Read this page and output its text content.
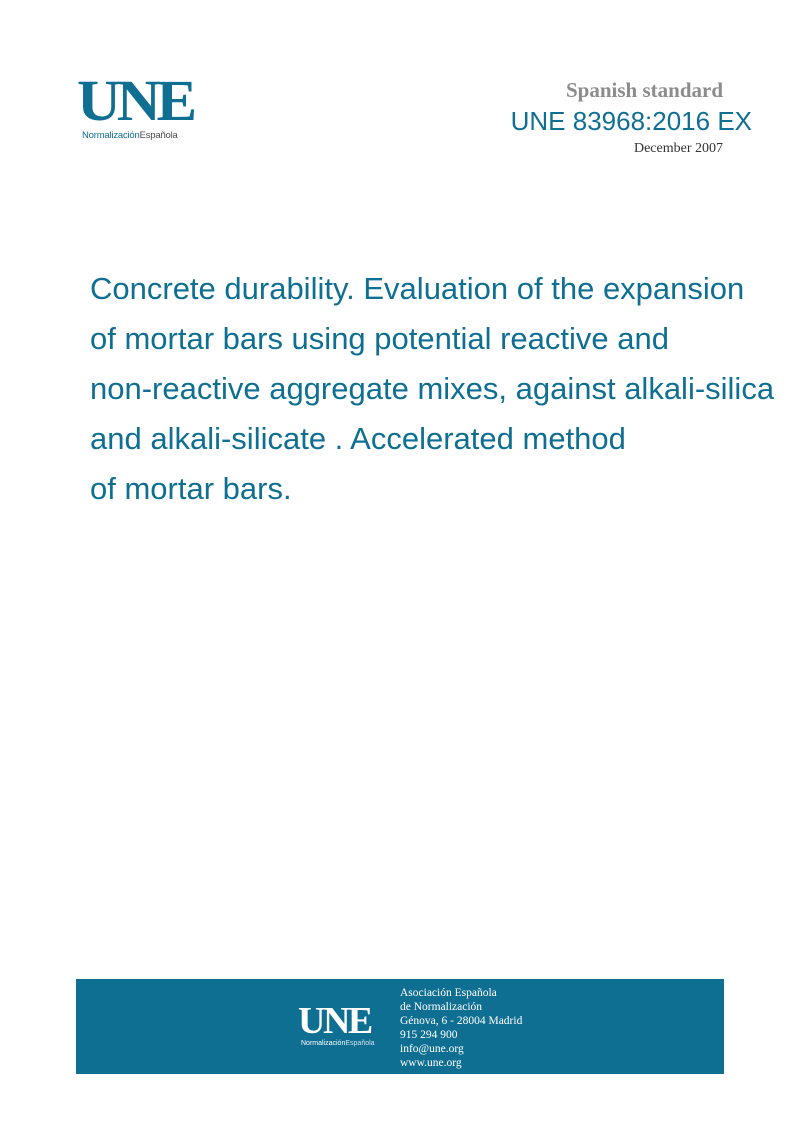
UNE
NormalizaciónEspañola
Spanish standard
UNE 83968:2016 EX
December 2007
Concrete durability. Evaluation of the expansion
of mortar bars using potential reactive and
non-reactive aggregate mixes, against alkali-silica
and alkali-silicate . Accelerated method
of mortar bars.
UNE
NormalizaciónEspañola
Asociación Española
de Normalización
Génova, 6 - 28004 Madrid
915 294 900
info@une.org
www.une.org
